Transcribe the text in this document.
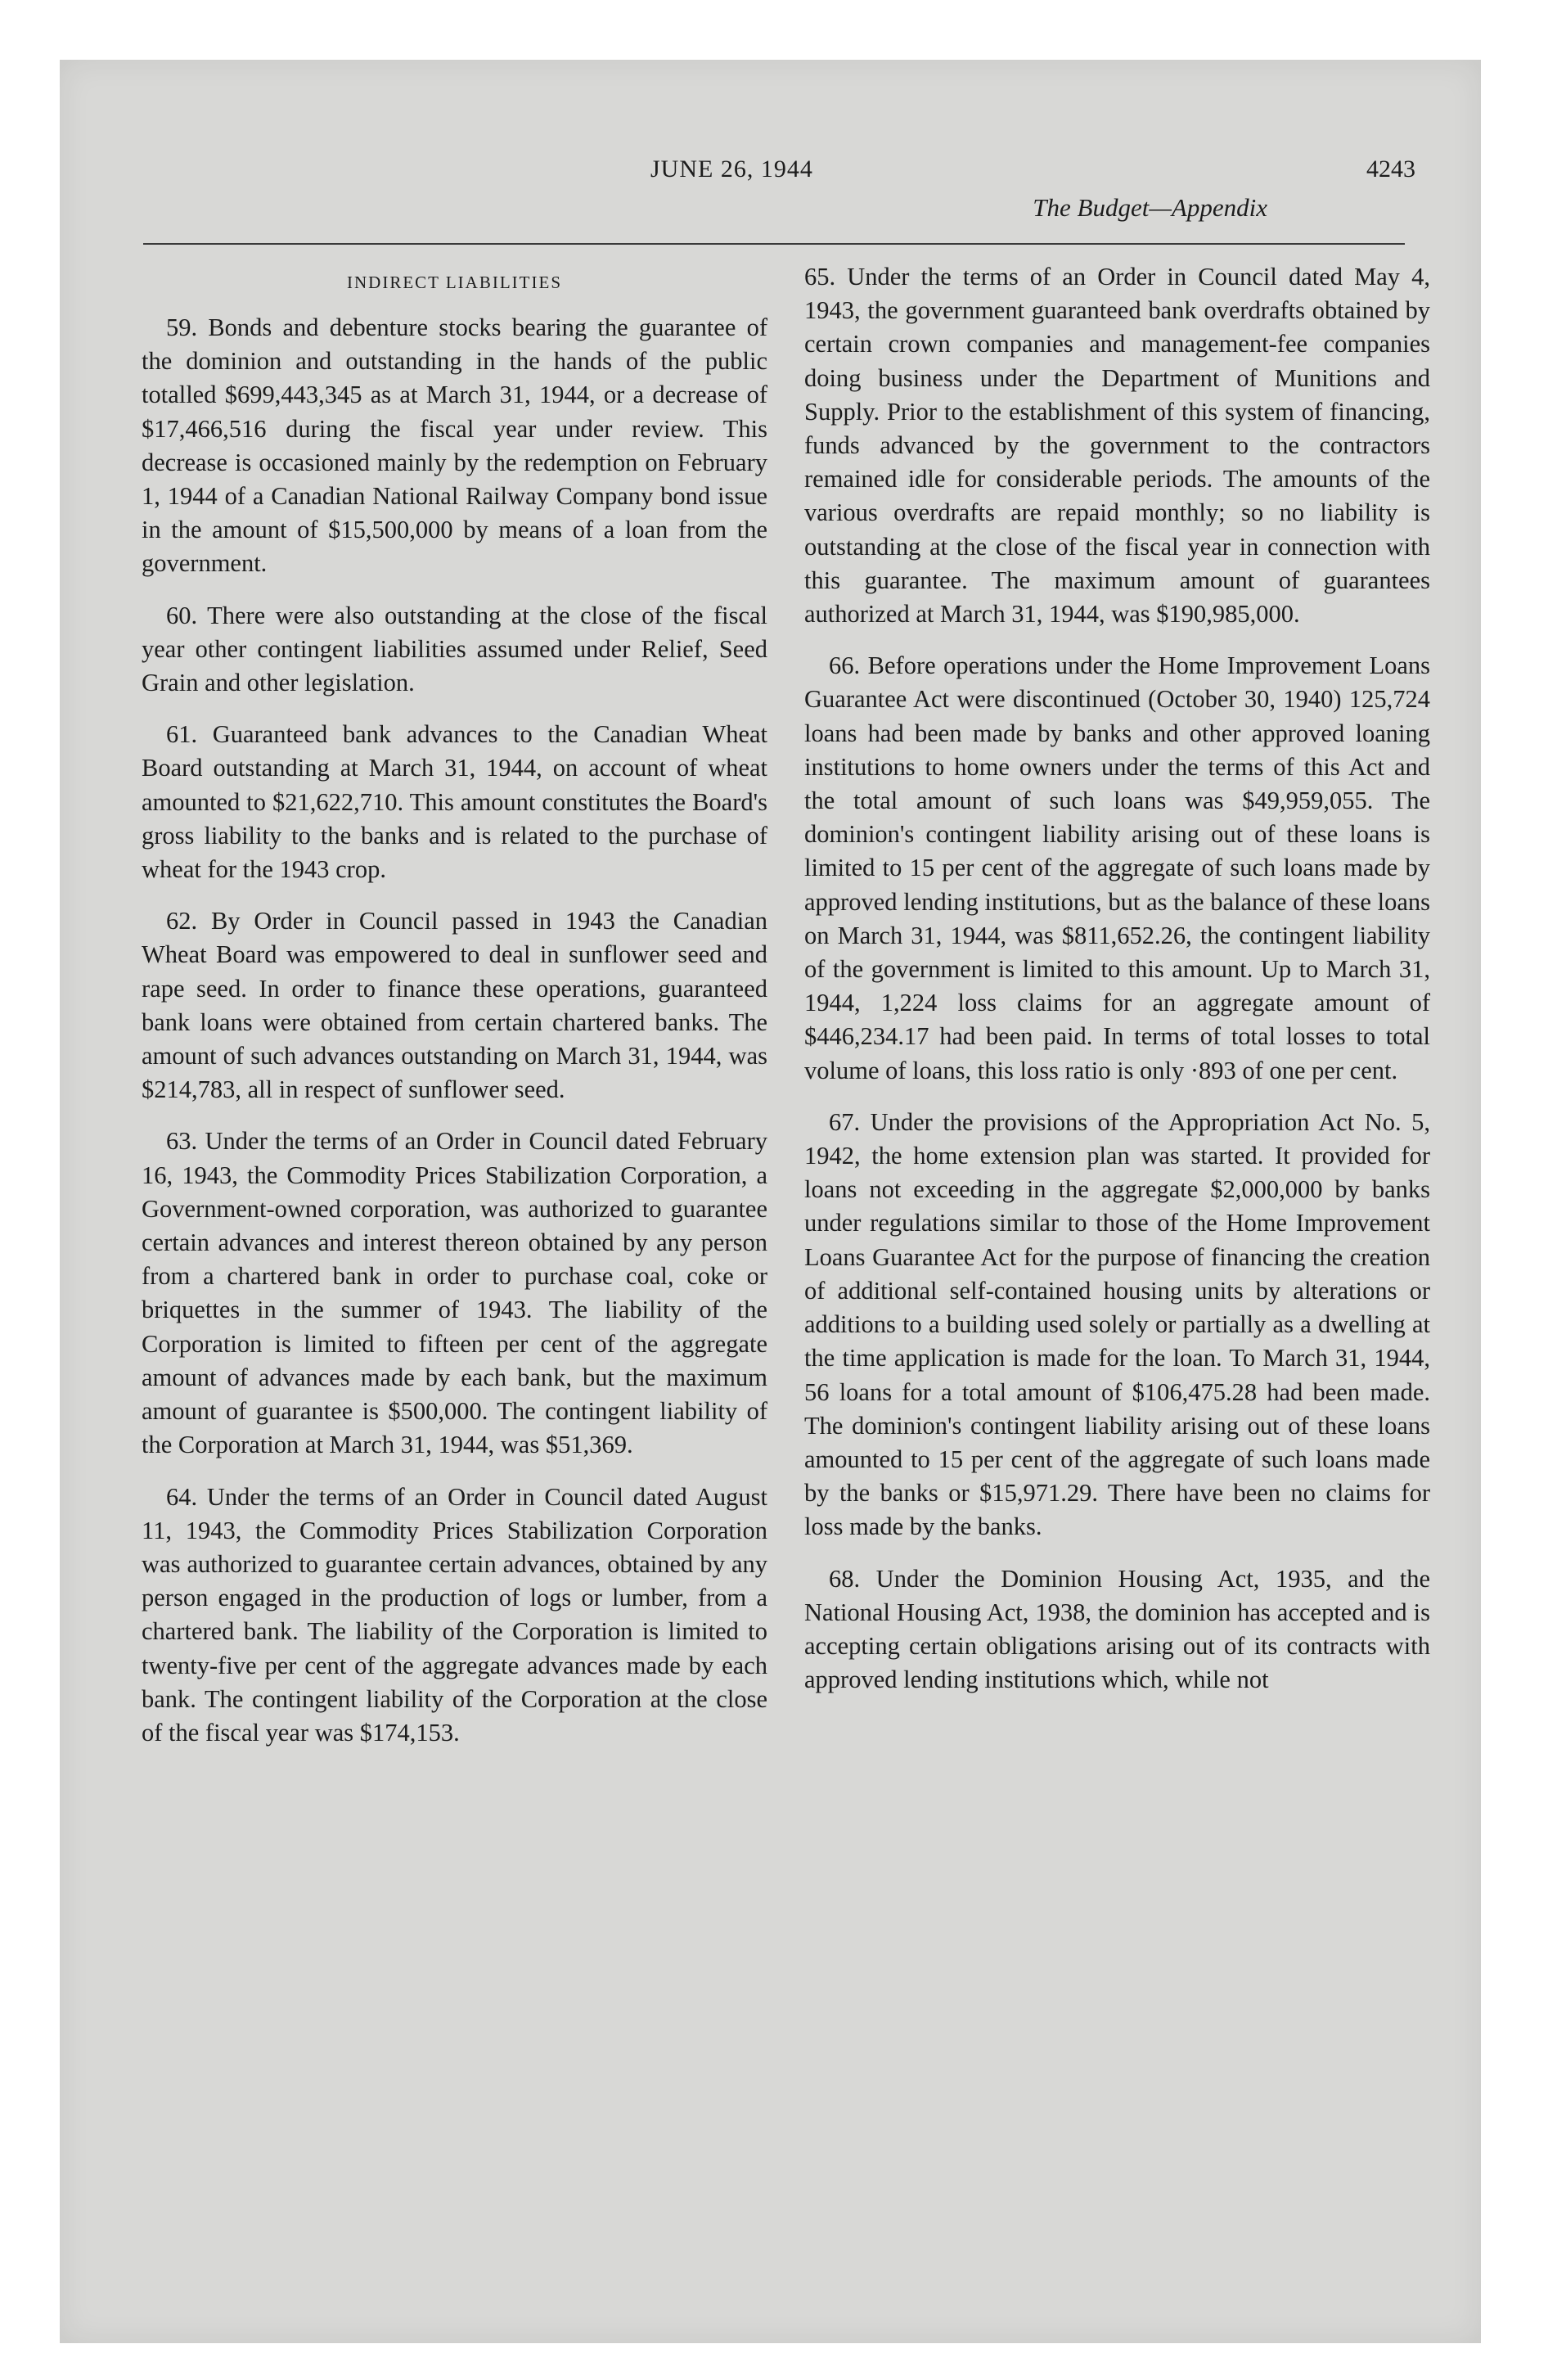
JUNE 26, 1944	4243
The Budget—Appendix
INDIRECT LIABILITIES

59. Bonds and debenture stocks bearing the guarantee of the dominion and outstanding in the hands of the public totalled $699,443,345 as at March 31, 1944, or a decrease of $17,466,516 during the fiscal year under review. This decrease is occasioned mainly by the redemption on February 1, 1944 of a Canadian National Railway Company bond issue in the amount of $15,500,000 by means of a loan from the government.

60. There were also outstanding at the close of the fiscal year other contingent liabilities assumed under Relief, Seed Grain and other legislation.

61. Guaranteed bank advances to the Canadian Wheat Board outstanding at March 31, 1944, on account of wheat amounted to $21,622,710. This amount constitutes the Board's gross liability to the banks and is related to the purchase of wheat for the 1943 crop.

62. By Order in Council passed in 1943 the Canadian Wheat Board was empowered to deal in sunflower seed and rape seed. In order to finance these operations, guaranteed bank loans were obtained from certain chartered banks. The amount of such advances outstanding on March 31, 1944, was $214,783, all in respect of sunflower seed.

63. Under the terms of an Order in Council dated February 16, 1943, the Commodity Prices Stabilization Corporation, a Government-owned corporation, was authorized to guarantee certain advances and interest thereon obtained by any person from a chartered bank in order to purchase coal, coke or briquettes in the summer of 1943. The liability of the Corporation is limited to fifteen per cent of the aggregate amount of advances made by each bank, but the maximum amount of guarantee is $500,000. The contingent liability of the Corporation at March 31, 1944, was $51,369.

64. Under the terms of an Order in Council dated August 11, 1943, the Commodity Prices Stabilization Corporation was authorized to guarantee certain advances, obtained by any person engaged in the production of logs or lumber, from a chartered bank. The liability of the Corporation is limited to twenty-five per cent of the aggregate advances made by each bank. The contingent liability of the Corporation at the close of the fiscal year was $174,153.

65. Under the terms of an Order in Council dated May 4, 1943, the government guaranteed bank overdrafts obtained by certain crown companies and management-fee companies doing business under the Department of Munitions and Supply. Prior to the establishment of this system of financing, funds advanced by the government to the contractors remained idle for considerable periods. The amounts of the various overdrafts are repaid monthly; so no liability is outstanding at the close of the fiscal year in connection with this guarantee. The maximum amount of guarantees authorized at March 31, 1944, was $190,985,000.

66. Before operations under the Home Improvement Loans Guarantee Act were discontinued (October 30, 1940) 125,724 loans had been made by banks and other approved loaning institutions to home owners under the terms of this Act and the total amount of such loans was $49,959,055. The dominion's contingent liability arising out of these loans is limited to 15 per cent of the aggregate of such loans made by approved lending institutions, but as the balance of these loans on March 31, 1944, was $811,652.26, the contingent liability of the government is limited to this amount. Up to March 31, 1944, 1,224 loss claims for an aggregate amount of $446,234.17 had been paid. In terms of total losses to total volume of loans, this loss ratio is only ·893 of one per cent.

67. Under the provisions of the Appropriation Act No. 5, 1942, the home extension plan was started. It provided for loans not exceeding in the aggregate $2,000,000 by banks under regulations similar to those of the Home Improvement Loans Guarantee Act for the purpose of financing the creation of additional self-contained housing units by alterations or additions to a building used solely or partially as a dwelling at the time application is made for the loan. To March 31, 1944, 56 loans for a total amount of $106,475.28 had been made. The dominion's contingent liability arising out of these loans amounted to 15 per cent of the aggregate of such loans made by the banks or $15,971.29. There have been no claims for loss made by the banks.

68. Under the Dominion Housing Act, 1935, and the National Housing Act, 1938, the dominion has accepted and is accepting certain obligations arising out of its contracts with approved lending institutions which, while not
